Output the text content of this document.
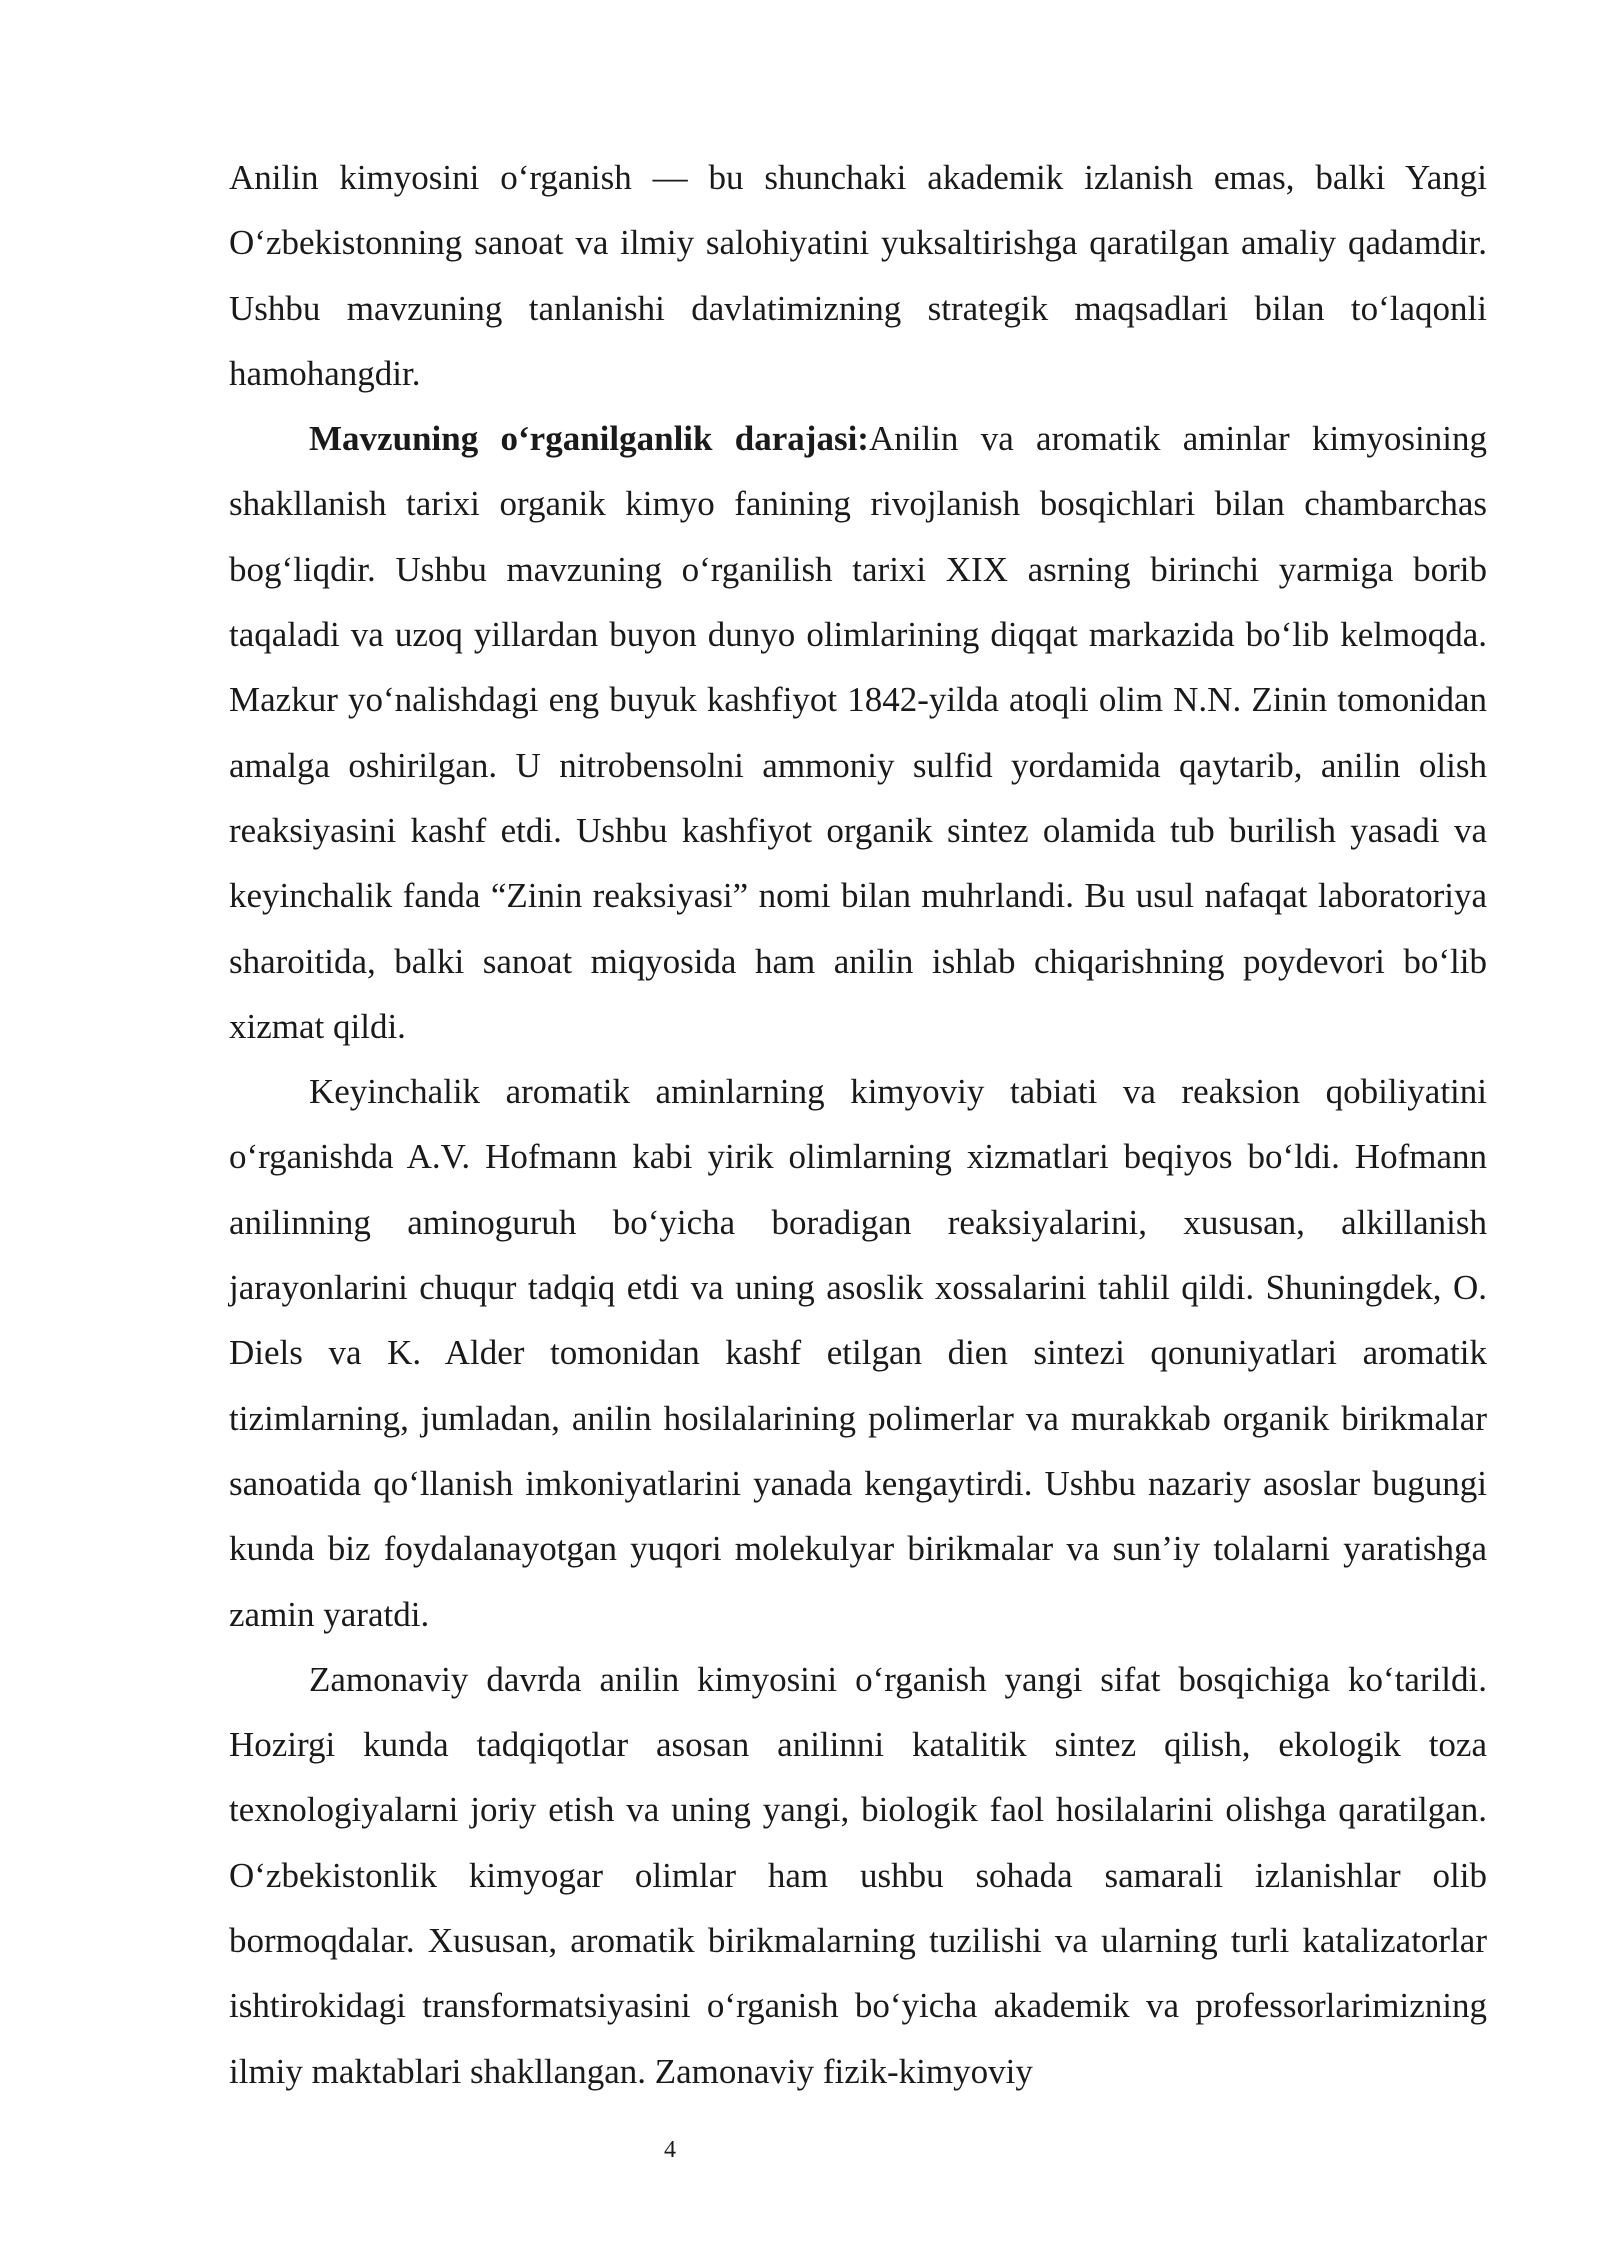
Anilin kimyosini o‘rganish — bu shunchaki akademik izlanish emas, balki Yangi O‘zbekistonning sanoat va ilmiy salohiyatini yuksaltirishga qaratilgan amaliy qadamdir. Ushbu mavzuning tanlanishi davlatimizning strategik maqsadlari bilan to‘laqonli hamohangdir.

Mavzuning o‘rganilganlik darajasi:Anilin va aromatik aminlar kimyosining shakllanish tarixi organik kimyo fanining rivojlanish bosqichlari bilan chambarchas bog‘liqdir. Ushbu mavzuning o‘rganilish tarixi XIX asrning birinchi yarmiga borib taqaladi va uzoq yillardan buyon dunyo olimlarining diqqat markazida bo‘lib kelmoqda. Mazkur yo‘nalishdagi eng buyuk kashfiyot 1842-yilda atoqli olim N.N. Zinin tomonidan amalga oshirilgan. U nitrobensolni ammoniy sulfid yordamida qaytarib, anilin olish reaksiyasini kashf etdi. Ushbu kashfiyot organik sintez olamida tub burilish yasadi va keyinchalik fanda “Zinin reaksiyasi” nomi bilan muhrlandi. Bu usul nafaqat laboratoriya sharoitida, balki sanoat miqyosida ham anilin ishlab chiqarishning poydevori bo‘lib xizmat qildi.

Keyinchalik aromatik aminlarning kimyoviy tabiati va reaksion qobiliyatini o‘rganishda A.V. Hofmann kabi yirik olimlarning xizmatlari beqiyos bo‘ldi. Hofmann anilinning aminoguruh bo‘yicha boradigan reaksiyalarini, xususan, alkillanish jarayonlarini chuqur tadqiq etdi va uning asoslik xossalarini tahlil qildi. Shuningdek, O. Diels va K. Alder tomonidan kashf etilgan dien sintezi qonuniyatlari aromatik tizimlarning, jumladan, anilin hosilalarining polimerlar va murakkab organik birikmalar sanoatida qo‘llanish imkoniyatlarini yanada kengaytirdi. Ushbu nazariy asoslar bugungi kunda biz foydalanayotgan yuqori molekulyar birikmalar va sun’iy tolalarni yaratishga zamin yaratdi.

Zamonaviy davrda anilin kimyosini o‘rganish yangi sifat bosqichiga ko‘tarildi. Hozirgi kunda tadqiqotlar asosan anilinni katalitik sintez qilish, ekologik toza texnologiyalarni joriy etish va uning yangi, biologik faol hosilalarini olishga qaratilgan. O‘zbekistonlik kimyogar olimlar ham ushbu sohada samarali izlanishlar olib bormoqdalar. Xususan, aromatik birikmalarning tuzilishi va ularning turli katalizatorlar ishtirokidagi transformatsiyasini o‘rganish bo‘yicha akademik va professorlarimizning ilmiy maktablari shakllangan. Zamonaviy fizik-kimyoviy

4
